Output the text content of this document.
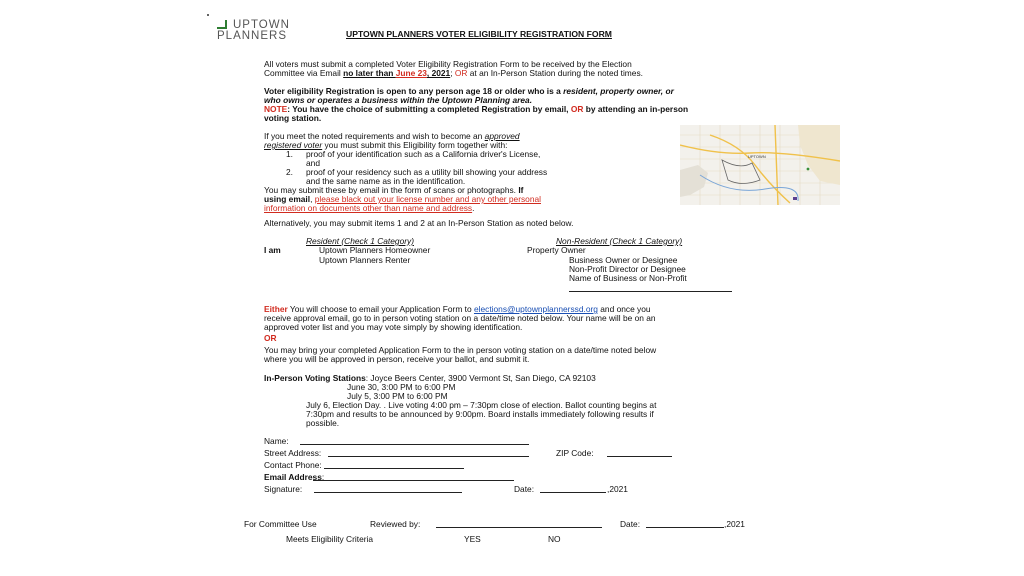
UPTOWN
PLANNERS	UPTOWN PLANNERS VOTER ELIGIBILITY REGISTRATION FORM
All voters must submit a completed Voter Eligibility Registration Form to be received by the Election
Committee via Email no later than June 23, 2021; OR at an In-Person Station during the noted times.
Voter eligibility Registration is open to any person age 18 or older who is a resident, property owner, or
who owns or operates a business within the Uptown Planning area.
NOTE: You have the choice of submitting a completed Registration by email, OR by attending an in-person
voting station.
If you meet the noted requirements and wish to become an approved
registered voter you must submit this Eligibility form together with:
1. proof of your identification such as a California driver's License,
and
2. proof of your residency such as a utility bill showing your address
and the same name as in the identification.
You may submit these by email in the form of scans or photographs. If
using email, please black out your license number and any other personal
information on documents other than name and address.
Alternatively, you may submit items 1 and 2 at an In-Person Station as noted below.
UPTOWN
Resident (Check 1 Category)	Non-Resident (Check 1 Category)
I am	Uptown Planners Homeowner	Property Owner
Uptown Planners Renter	Business Owner or Designee
Non-Profit Director or Designee
Name of Business or Non-Profit
Either You will choose to email your Application Form to elections@uptownplannerssd.org and once you
receive approval email, go to in person voting station on a date/time noted below. Your name will be on an
approved voter list and you may vote simply by showing identification.
OR
You may bring your completed Application Form to the in person voting station on a date/time noted below
where you will be approved in person, receive your ballot, and submit it.
In-Person Voting Stations: Joyce Beers Center, 3900 Vermont St, San Diego, CA 92103
June 30, 3:00 PM to 6:00 PM
July 5, 3:00 PM to 6:00 PM
July 6, Election Day. . Live voting 4:00 pm – 7:30pm close of election. Ballot counting begins at
7:30pm and results to be announced by 9:00pm. Board installs immediately following results if
possible.
Name:
Street Address:	ZIP Code:
Contact Phone:
Email Address:
Signature:	Date:	,2021
For Committee Use	Reviewed by:	Date:	,2021
Meets Eligibility Criteria	YES	NO
